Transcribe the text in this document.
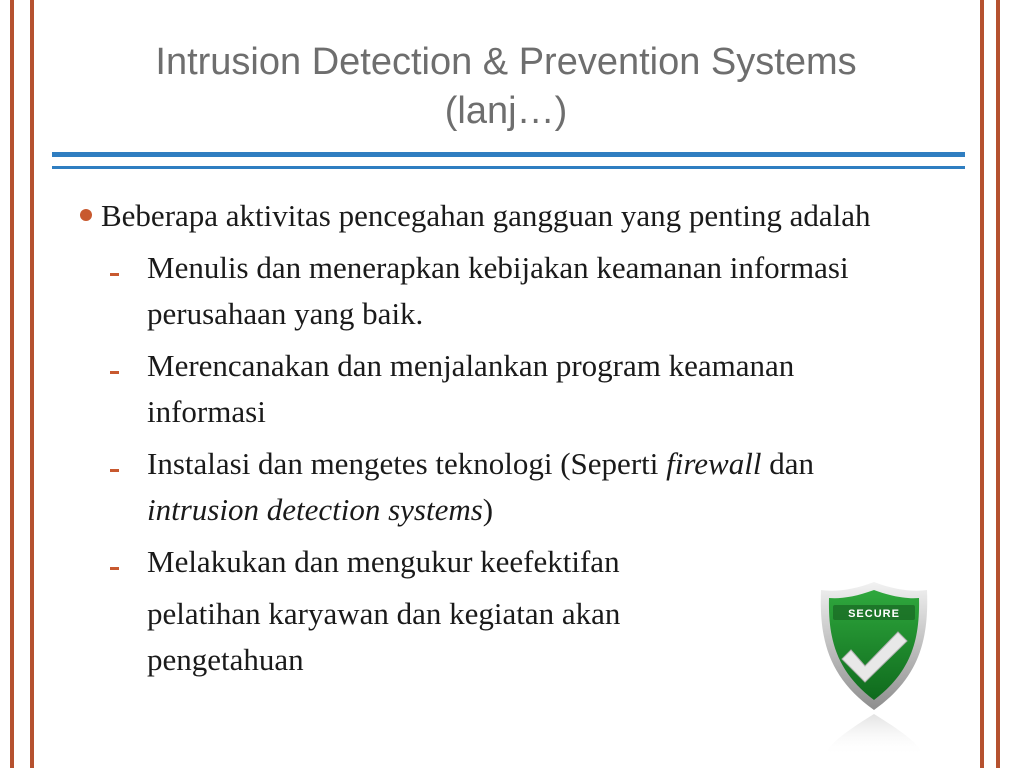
Intrusion Detection & Prevention Systems
(lanj…)
Beberapa aktivitas pencegahan gangguan yang penting adalah
Menulis dan menerapkan kebijakan keamanan informasi perusahaan yang baik.
Merencanakan dan menjalankan program keamanan informasi
Instalasi dan mengetes teknologi (Seperti firewall dan intrusion detection systems)
Melakukan dan mengukur keefektifan
pelatihan karyawan dan kegiatan akan pengetahuan
SECURE
